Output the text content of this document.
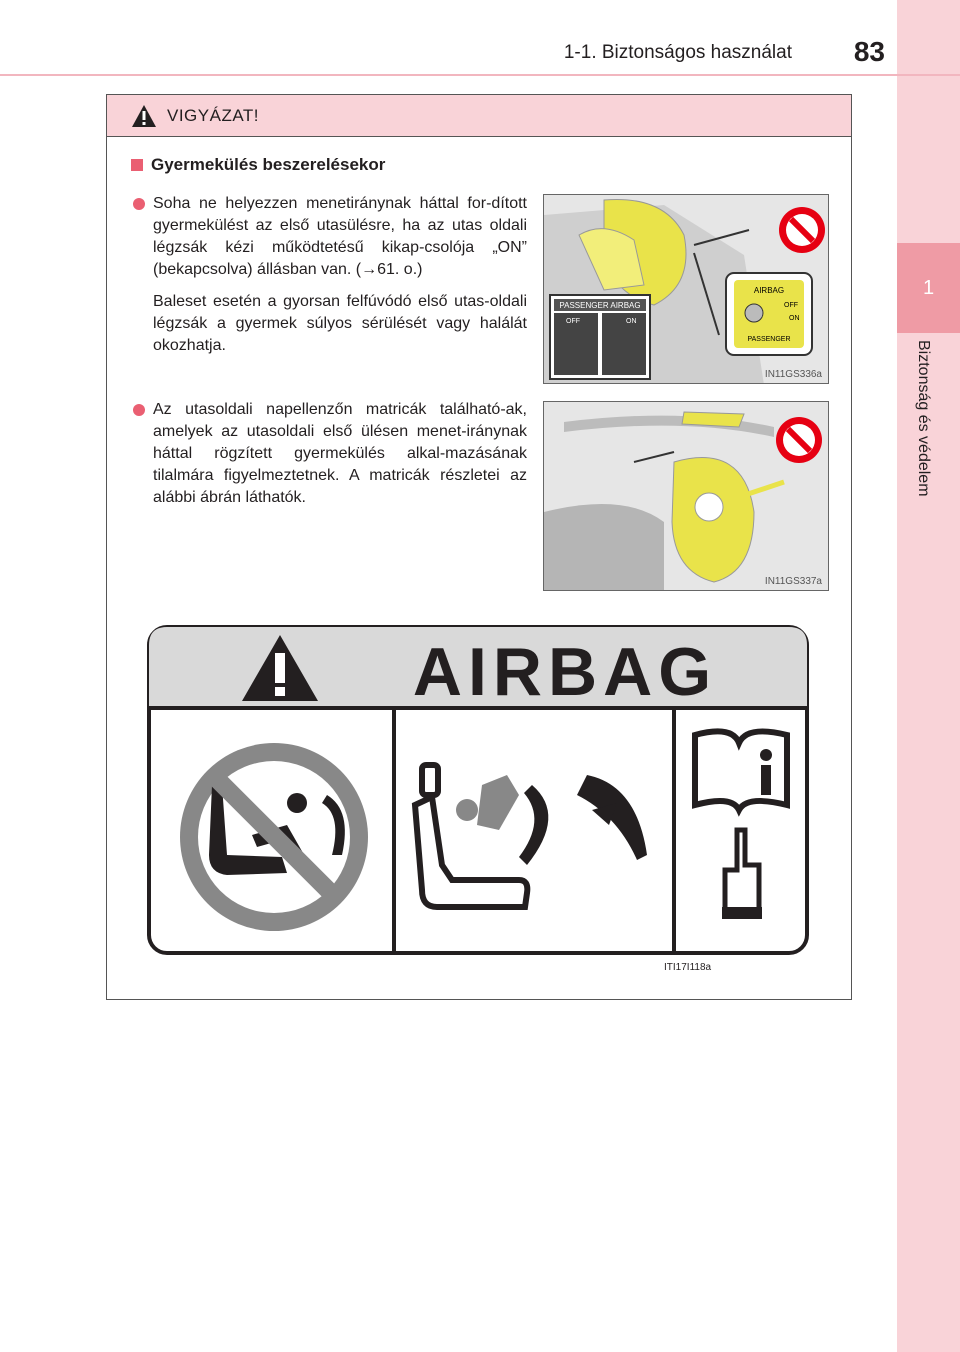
1
Biztonság és védelem
1-1. Biztonságos használat 83
VIGYÁZAT!
Gyermekülés beszerelésekor

Soha ne helyezzen menetiránynak háttal for-dított gyermekülést az első utasülésre, ha az utas oldali légzsák kézi működtetésű kikap-csolója „ON” (bekapcsolva) állásban van. (→61. o.)

Baleset esetén a gyorsan felfúvódó első utas-oldali légzsák a gyermek súlyos sérülését vagy halálát okozhatja.

Az utasoldali napellenzőn matricák található-ak, amelyek az utasoldali első ülésen menet-iránynak háttal rögzített gyermekülés alkal-mazásának tilalmára figyelmeztetnek. A matricák részletei az alábbi ábrán láthatók.

PASSENGER AIRBAG
OFF	ON
AIRBAG
OFF
ON
PASSENGER
IN11GS336a
IN11GS337a
AIRBAG
ITI17I118a
